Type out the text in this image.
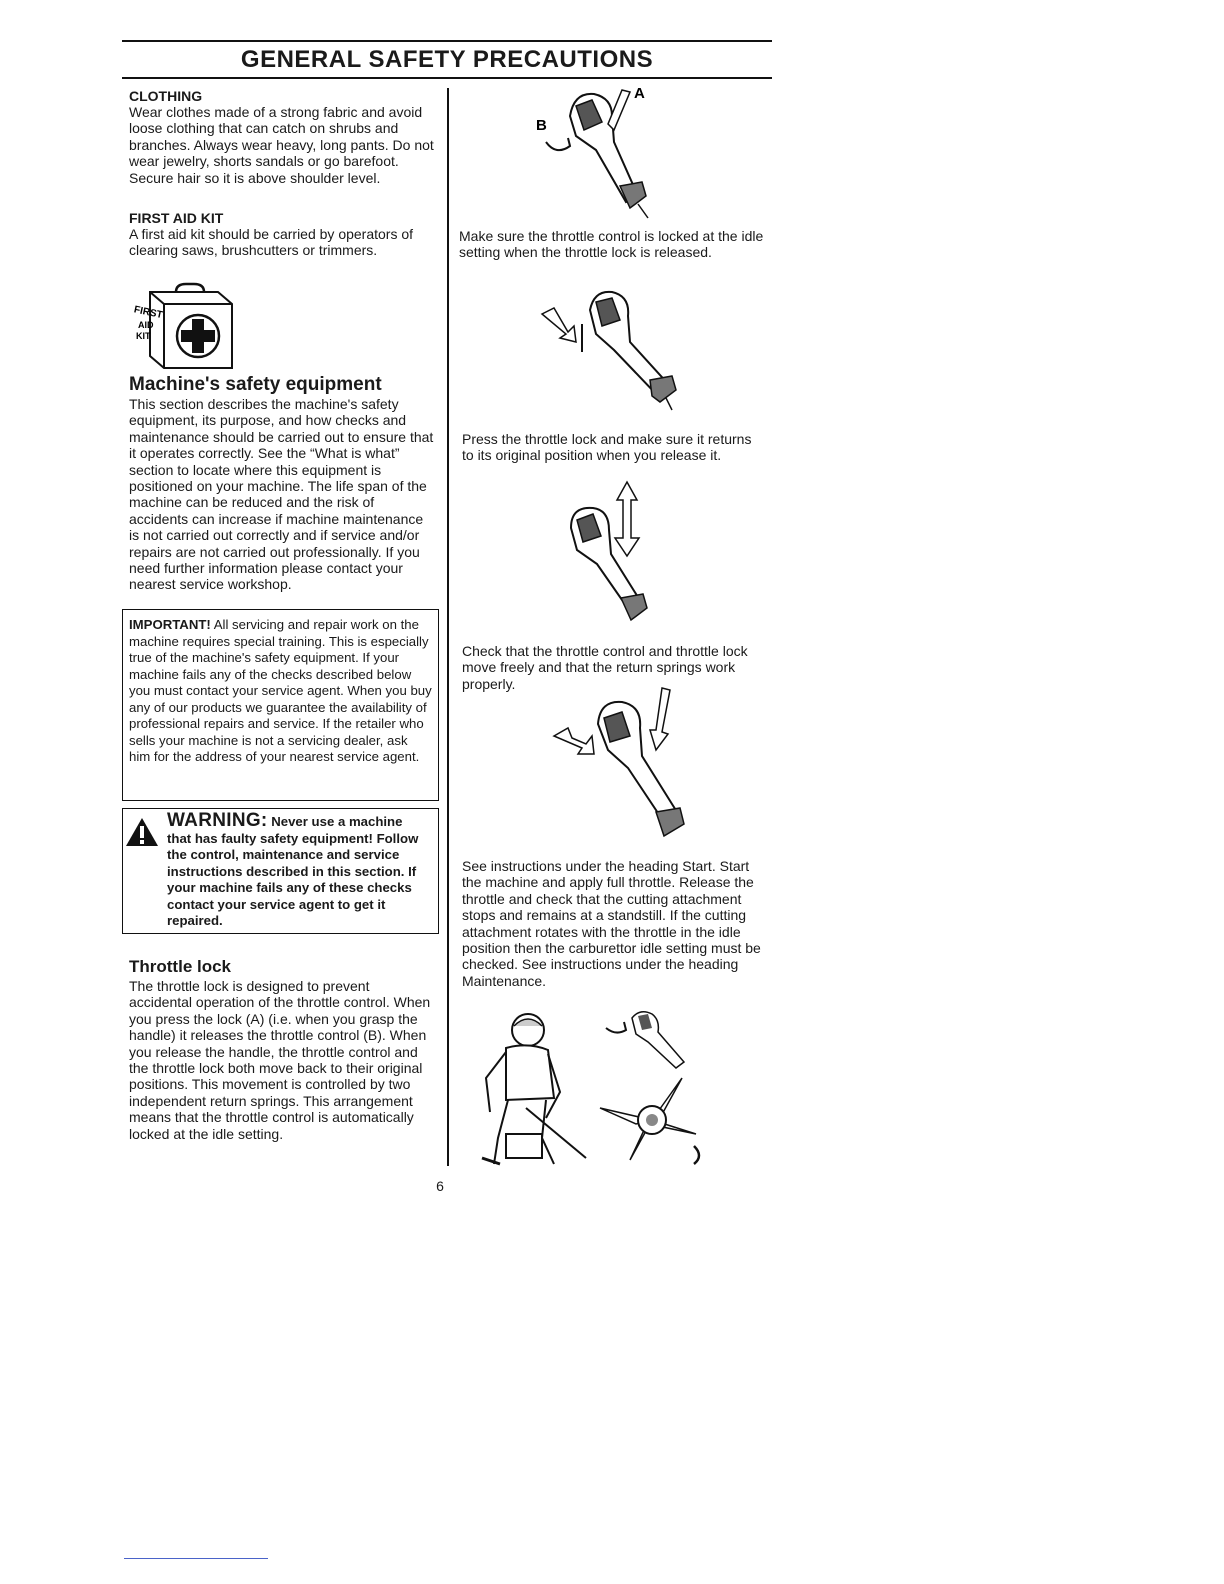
GENERAL SAFETY PRECAUTIONS

CLOTHING

Wear clothes made of a strong fabric and avoid loose clothing that can catch on shrubs and branches. Always wear heavy, long pants. Do not wear jewelry, shorts sandals or go barefoot. Secure hair so it is above shoulder level.

FIRST AID KIT

A first aid kit should be carried by operators of clearing saws, brushcutters or trimmers.

FIRST
AID
KIT

Machine's safety equipment

This section describes the machine's safety equipment, its purpose, and how checks and maintenance should be carried out to ensure that it operates correctly. See the “What is what” section to locate where this equipment is positioned on your machine. The life span of the machine can be reduced and the risk of accidents can increase if machine maintenance is not carried out correctly and if service and/or repairs are not carried out professionally. If you need further information please contact your nearest service workshop.

IMPORTANT! All servicing and repair work on the machine requires special training. This is especially true of the machine's safety equipment. If your machine fails any of the checks described below you must contact your service agent. When you buy any of our products we guarantee the availability of professional repairs and service. If the retailer who sells your machine is not a servicing dealer, ask him for the address of your nearest service agent.

WARNING: Never use a machine that has faulty safety equipment! Follow the control, maintenance and service instructions described in this section. If your machine fails any of these checks contact your service agent to get it repaired.

Throttle lock

The throttle lock is designed to prevent accidental operation of the throttle control. When you press the lock (A) (i.e. when you grasp the handle) it releases the throttle control (B). When you release the handle, the throttle control and the throttle lock both move back to their original positions. This movement is controlled by two independent return springs. This arrangement means that the throttle control is automatically locked at the idle setting.

A
B

Make sure the throttle control is locked at the idle setting when the throttle lock is released.

Press the throttle lock and make sure it returns to its original position when you release it.

Check that the throttle control and throttle lock move freely and that the return springs work properly.

See instructions under the heading Start. Start the machine and apply full throttle. Release the throttle and check that the cutting attachment stops and remains at a standstill. If the cutting attachment rotates with the throttle in the idle position then the carburettor idle setting must be checked. See instructions under the heading Maintenance.

6
